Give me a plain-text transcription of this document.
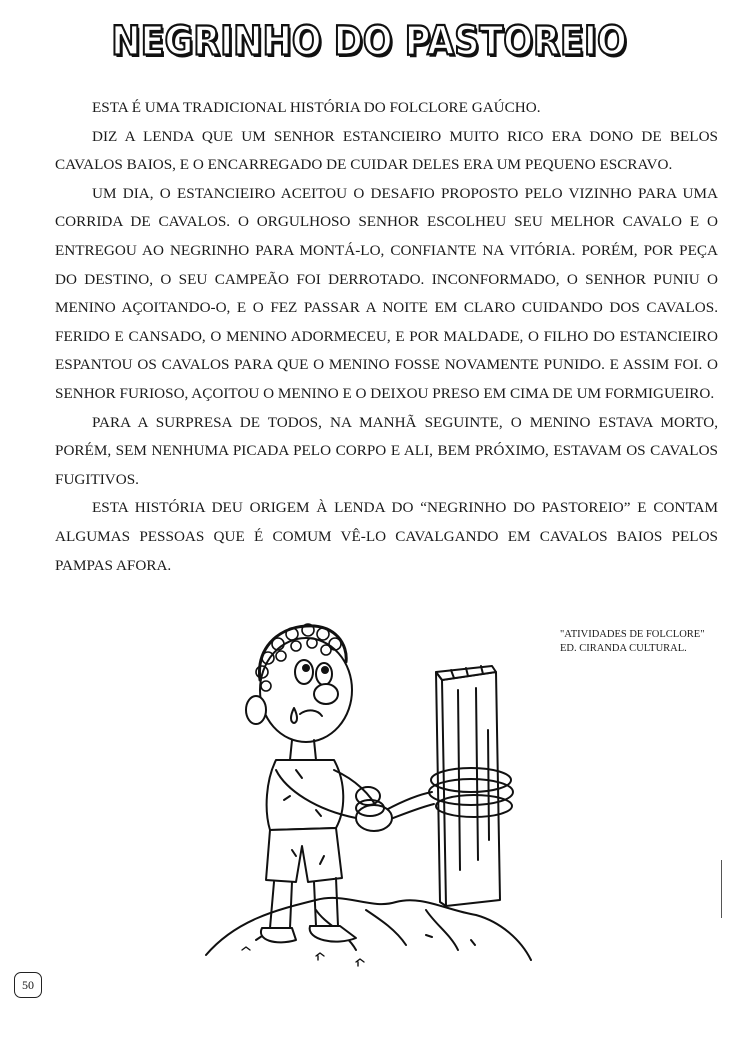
NEGRINHO DO PASTOREIO

ESTA É UMA TRADICIONAL HISTÓRIA DO FOLCLORE GAÚCHO.

DIZ A LENDA QUE UM SENHOR ESTANCIEIRO MUITO RICO ERA DONO DE BELOS CAVALOS BAIOS, E O ENCARREGADO DE CUIDAR DELES ERA UM PEQUENO ESCRAVO.

UM DIA, O ESTANCIEIRO ACEITOU O DESAFIO PROPOSTO PELO VIZINHO PARA UMA CORRIDA DE CAVALOS. O ORGULHOSO SENHOR ESCOLHEU SEU MELHOR CAVALO E O ENTREGOU AO NEGRINHO PARA MONTÁ-LO, CONFIANTE NA VITÓRIA. PORÉM, POR PEÇA DO DESTINO, O SEU CAMPEÃO FOI DERROTADO. INCONFORMADO, O SENHOR PUNIU O MENINO AÇOITANDO-O, E O FEZ PASSAR A NOITE EM CLARO CUIDANDO DOS CAVALOS. FERIDO E CANSADO, O MENINO ADORMECEU, E POR MALDADE, O FILHO DO ESTANCIEIRO ESPANTOU OS CAVALOS PARA QUE O MENINO FOSSE NOVAMENTE PUNIDO. E ASSIM FOI. O SENHOR FURIOSO, AÇOITOU O MENINO E O DEIXOU PRESO EM CIMA DE UM FORMIGUEIRO.

PARA A SURPRESA DE TODOS, NA MANHÃ SEGUINTE, O MENINO ESTAVA MORTO, PORÉM, SEM NENHUMA PICADA PELO CORPO E ALI, BEM PRÓXIMO, ESTAVAM OS CAVALOS FUGITIVOS.

ESTA HISTÓRIA DEU ORIGEM À LENDA DO “NEGRINHO DO PASTOREIO” E CONTAM ALGUMAS PESSOAS QUE É COMUM VÊ-LO CAVALGANDO EM CAVALOS BAIOS PELOS PAMPAS AFORA.

"ATIVIDADES DE FOLCLORE"
ED. CIRANDA CULTURAL.
50
